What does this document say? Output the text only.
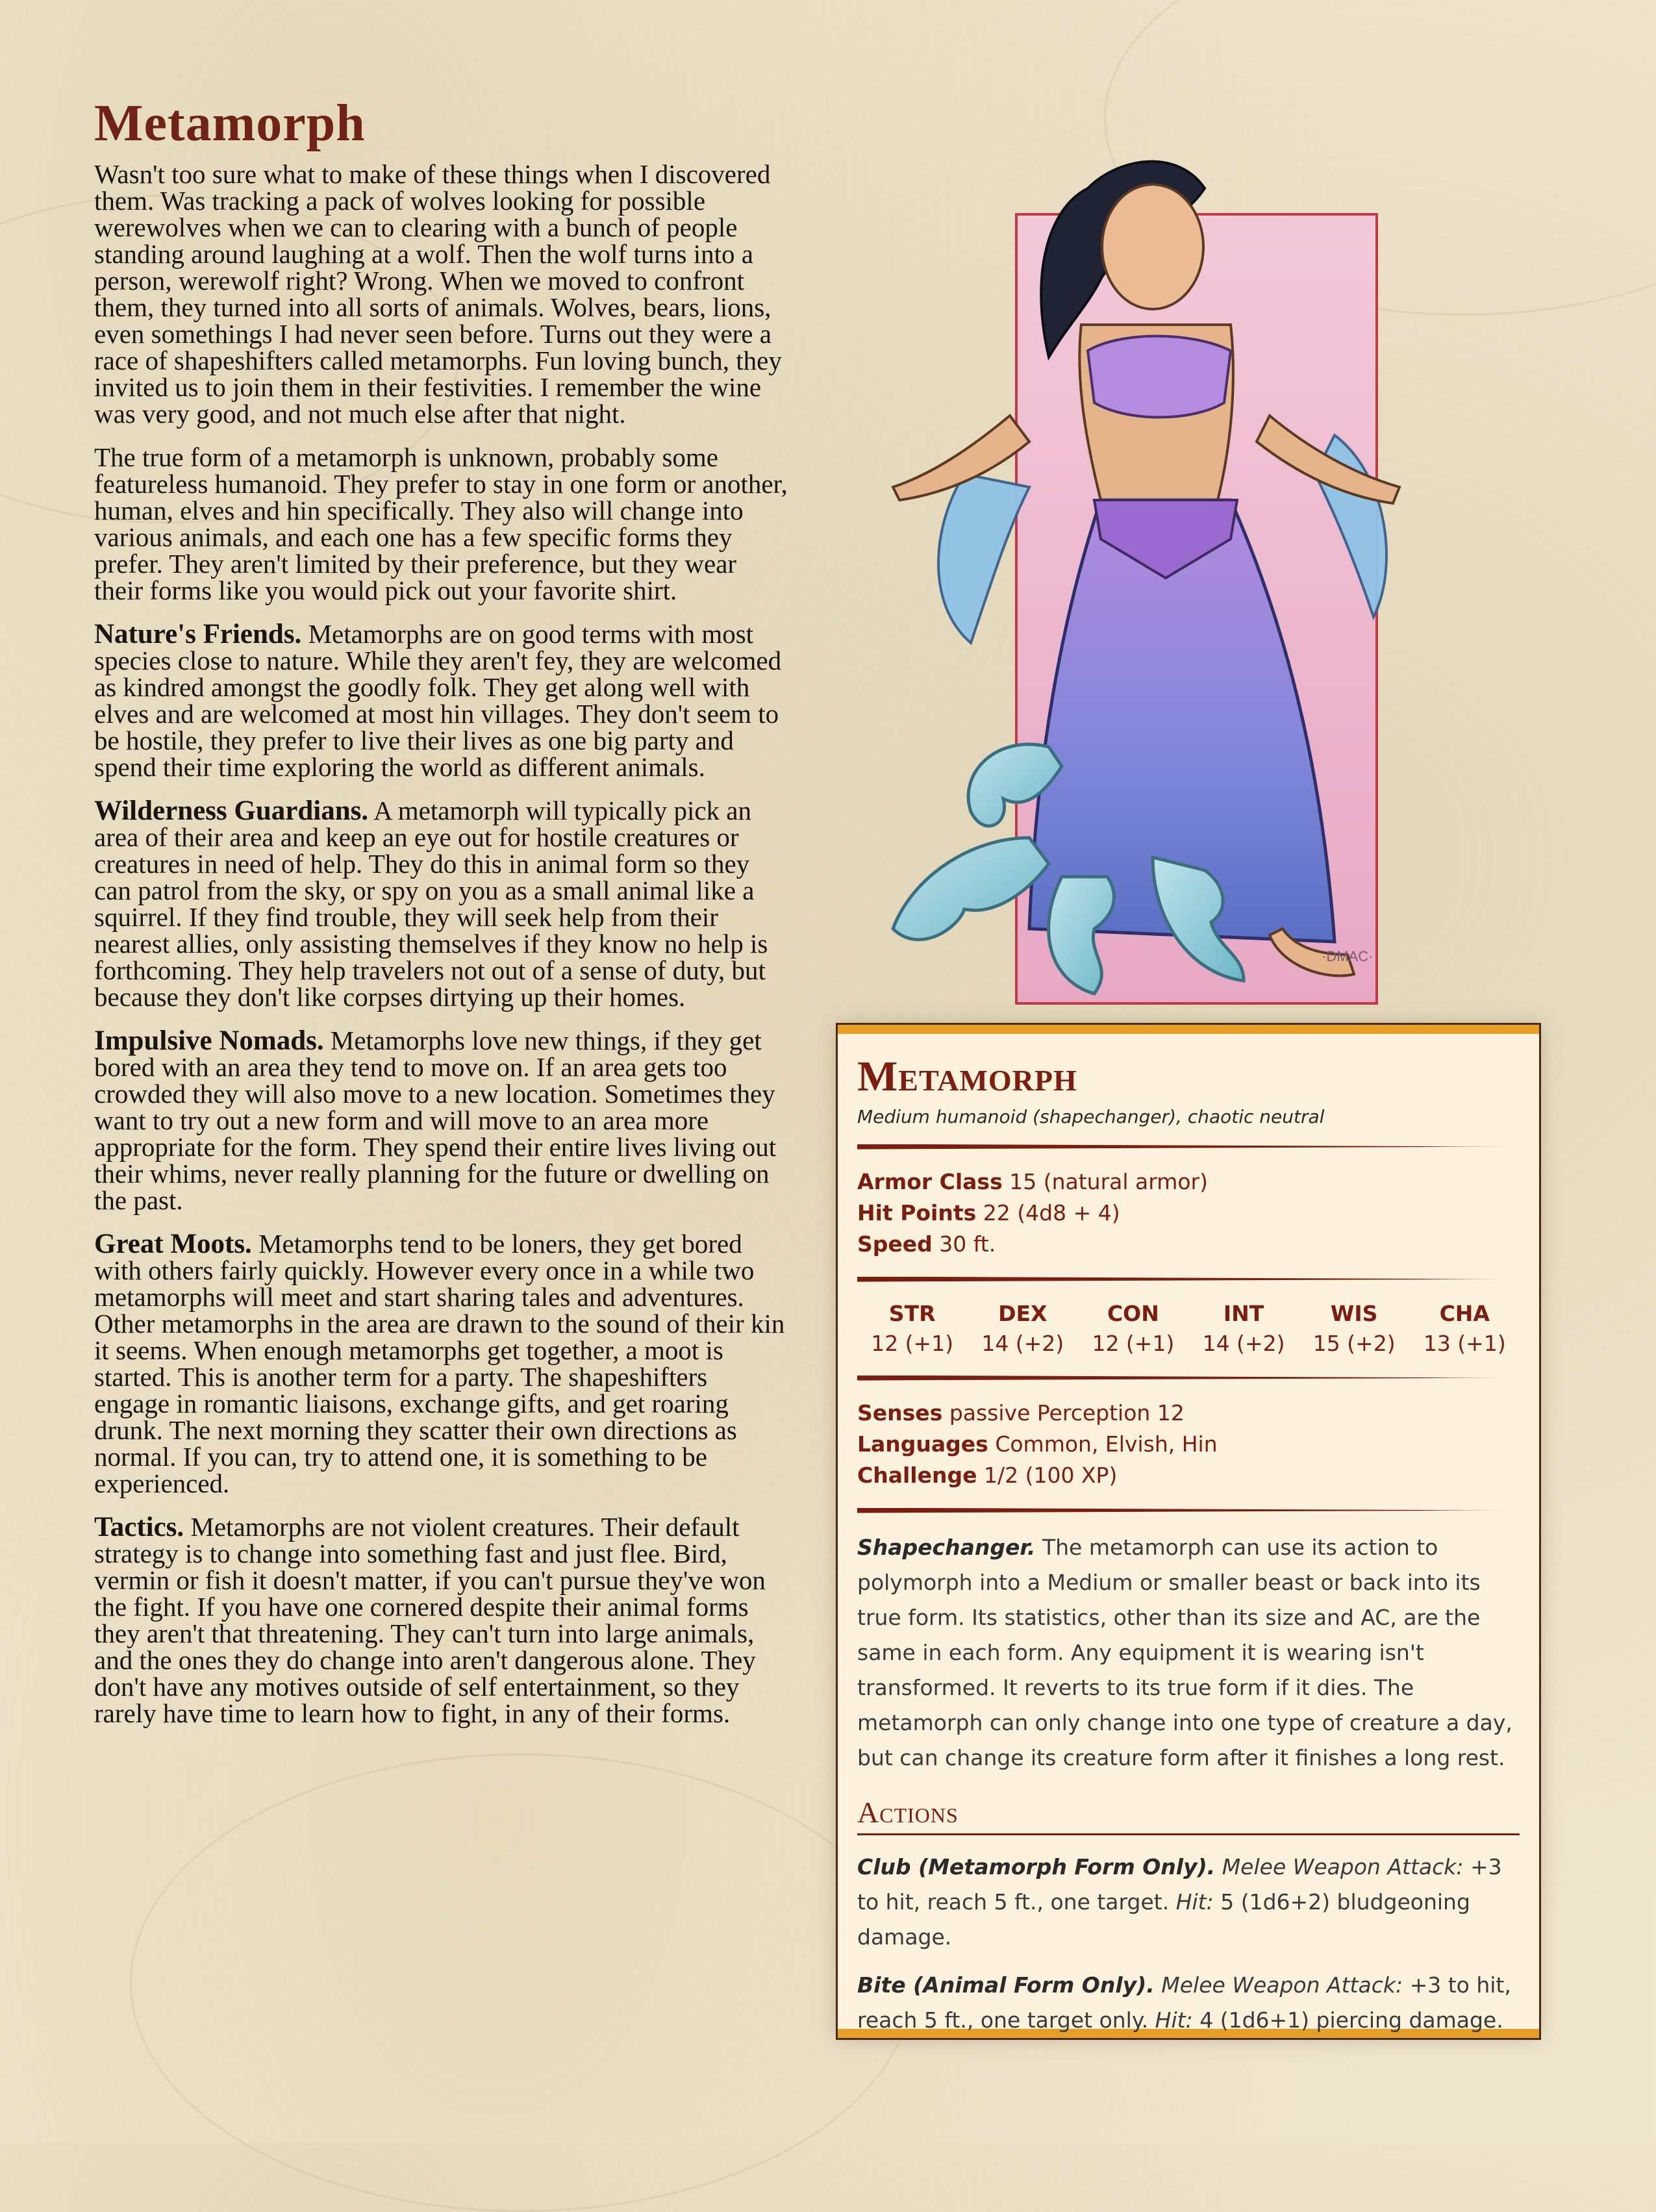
Metamorph

Wasn't too sure what to make of these things when I discovered them. Was tracking a pack of wolves looking for possible werewolves when we can to clearing with a bunch of people standing around laughing at a wolf. Then the wolf turns into a person, werewolf right? Wrong. When we moved to confront them, they turned into all sorts of animals. Wolves, bears, lions, even somethings I had never seen before. Turns out they were a race of shapeshifters called metamorphs. Fun loving bunch, they invited us to join them in their festivities. I remember the wine was very good, and not much else after that night.

The true form of a metamorph is unknown, probably some featureless humanoid. They prefer to stay in one form or another, human, elves and hin specifically. They also will change into various animals, and each one has a few specific forms they prefer. They aren't limited by their preference, but they wear their forms like you would pick out your favorite shirt.

Nature's Friends. Metamorphs are on good terms with most species close to nature. While they aren't fey, they are welcomed as kindred amongst the goodly folk. They get along well with elves and are welcomed at most hin villages. They don't seem to be hostile, they prefer to live their lives as one big party and spend their time exploring the world as different animals.

Wilderness Guardians. A metamorph will typically pick an area of their area and keep an eye out for hostile creatures or creatures in need of help. They do this in animal form so they can patrol from the sky, or spy on you as a small animal like a squirrel. If they find trouble, they will seek help from their nearest allies, only assisting themselves if they know no help is forthcoming. They help travelers not out of a sense of duty, but because they don't like corpses dirtying up their homes.

Impulsive Nomads. Metamorphs love new things, if they get bored with an area they tend to move on. If an area gets too crowded they will also move to a new location. Sometimes they want to try out a new form and will move to an area more appropriate for the form. They spend their entire lives living out their whims, never really planning for the future or dwelling on the past.

Great Moots. Metamorphs tend to be loners, they get bored with others fairly quickly. However every once in a while two metamorphs will meet and start sharing tales and adventures. Other metamorphs in the area are drawn to the sound of their kin it seems. When enough metamorphs get together, a moot is started. This is another term for a party. The shapeshifters engage in romantic liaisons, exchange gifts, and get roaring drunk. The next morning they scatter their own directions as normal. If you can, try to attend one, it is something to be experienced.

Tactics. Metamorphs are not violent creatures. Their default strategy is to change into something fast and just flee. Bird, vermin or fish it doesn't matter, if you can't pursue they've won the fight. If you have one cornered despite their animal forms they aren't that threatening. They can't turn into large animals, and the ones they do change into aren't dangerous alone. They don't have any motives outside of self entertainment, so they rarely have time to learn how to fight, in any of their forms.

·DMAC·
Metamorph

Medium humanoid (shapechanger), chaotic neutral

Armor Class 15 (natural armor)
Hit Points 22 (4d8 + 4)
Speed 30 ft.
STR
12 (+1)
DEX
14 (+2)
CON
12 (+1)
INT
14 (+2)
WIS
15 (+2)
CHA
13 (+1)
Senses passive Perception 12
Languages Common, Elvish, Hin
Challenge 1/2 (100 XP)

Shapechanger. The metamorph can use its action to polymorph into a Medium or smaller beast or back into its true form. Its statistics, other than its size and AC, are the same in each form. Any equipment it is wearing isn't transformed. It reverts to its true form if it dies. The metamorph can only change into one type of creature a day, but can change its creature form after it finishes a long rest.

Actions

Club (Metamorph Form Only). Melee Weapon Attack: +3 to hit, reach 5 ft., one target. Hit: 5 (1d6+2) bludgeoning damage.

Bite (Animal Form Only). Melee Weapon Attack: +3 to hit, reach 5 ft., one target only. Hit: 4 (1d6+1) piercing damage.
